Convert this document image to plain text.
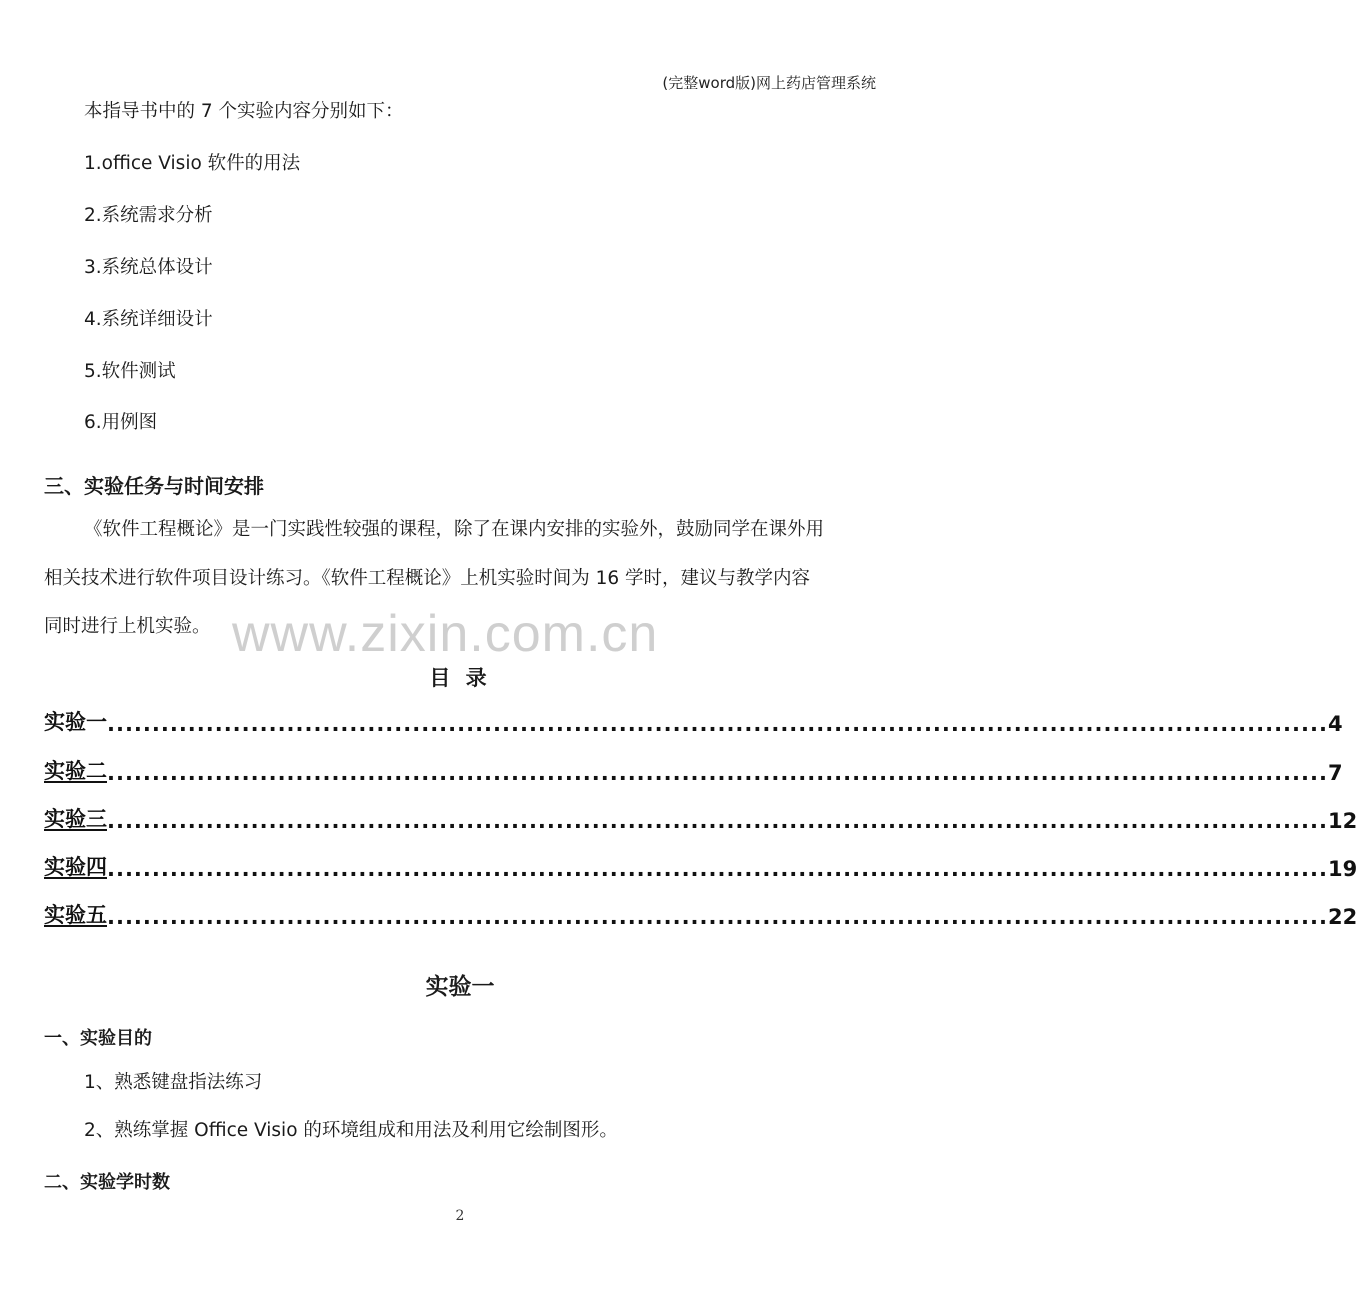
(完整word版)网上药店管理系统
本指导书中的 7 个实验内容分别如下：
1.office Visio 软件的用法
2.系统需求分析
3.系统总体设计
4.系统详细设计
5.软件测试
6.用例图
三、实验任务与时间安排
《软件工程概论》是一门实践性较强的课程，除了在课内安排的实验外，鼓励同学在课外用
相关技术进行软件项目设计练习。《软件工程概论》上机实验时间为 16 学时，建议与教学内容
同时进行上机实验。 www.zixin.com.cn
目 录
实验一 ........................................................................................................................................ 4
实验二 ........................................................................................................................................ 7
实验三 ........................................................................................................................................ 12
实验四 ........................................................................................................................................ 19
实验五 ........................................................................................................................................ 22
实验一
一、实验目的
1、熟悉键盘指法练习
2、熟练掌握 Office Visio 的环境组成和用法及利用它绘制图形。
二、实验学时数
2
